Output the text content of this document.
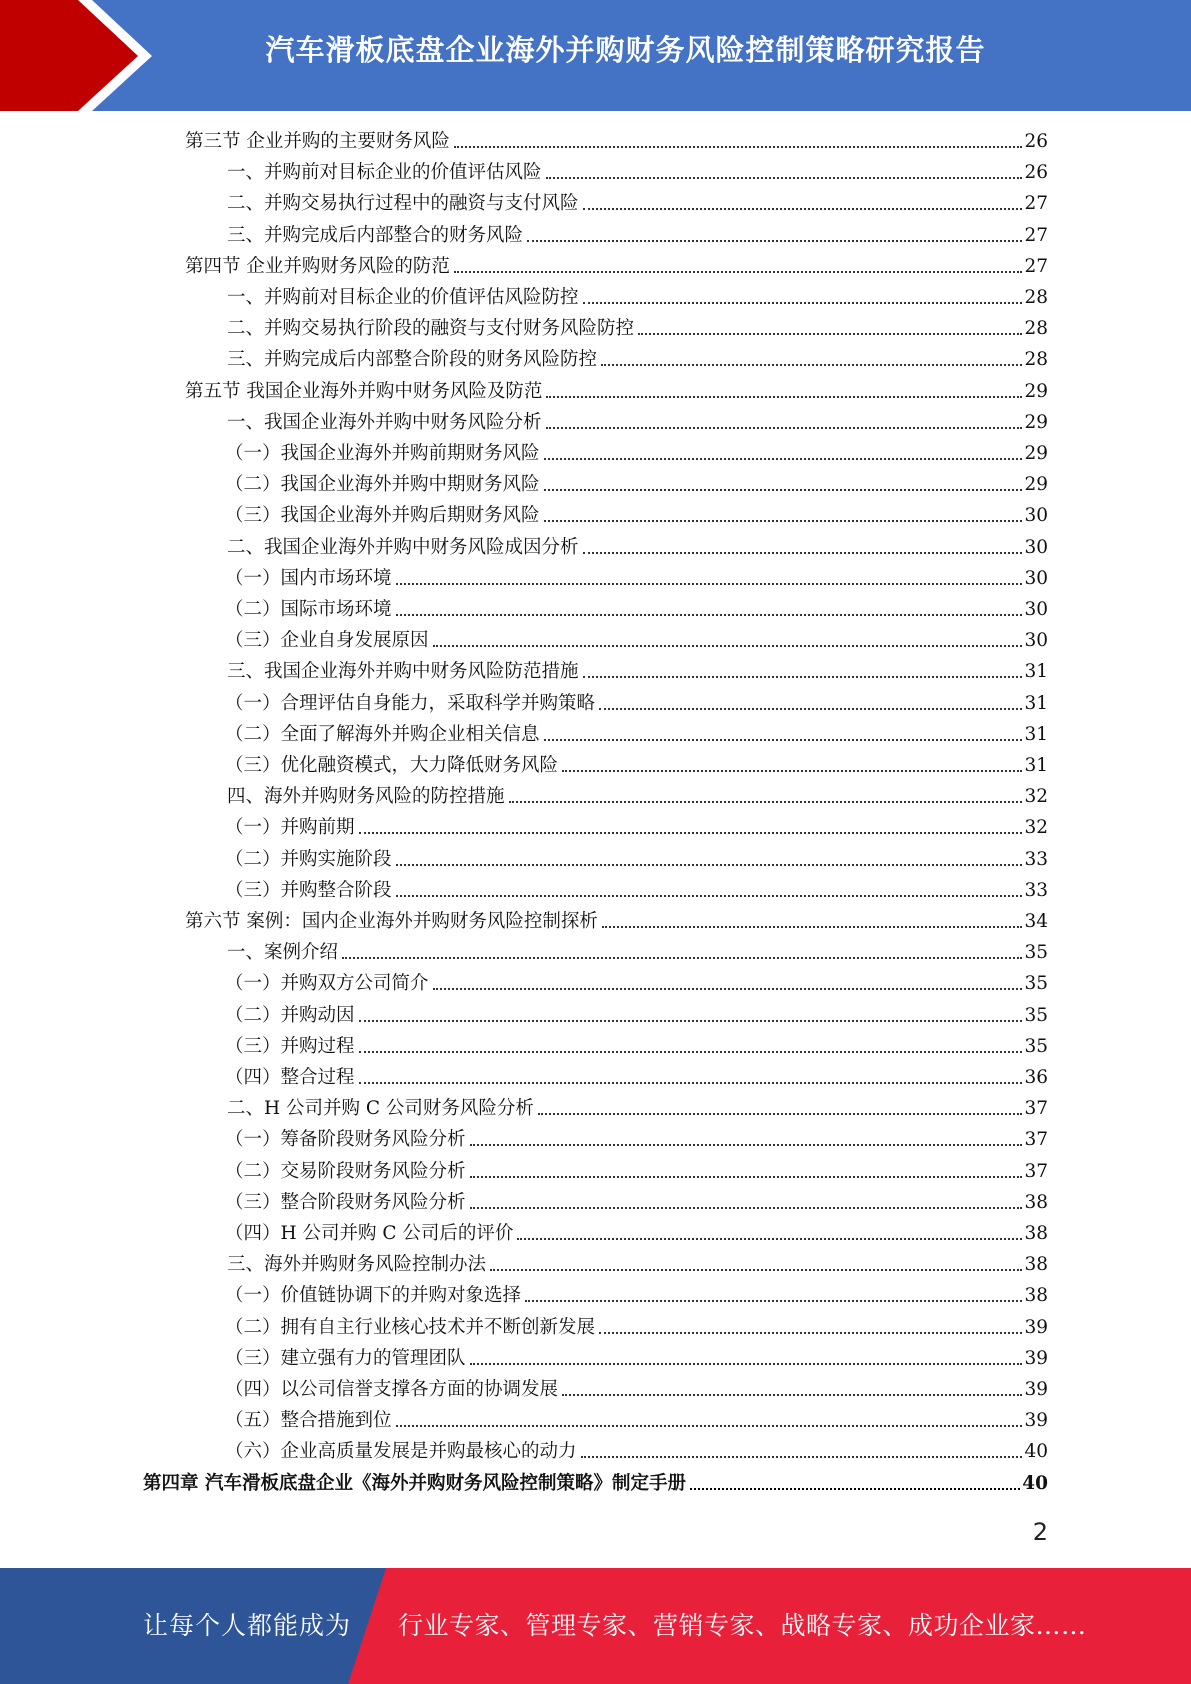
汽车滑板底盘企业海外并购财务风险控制策略研究报告
第三节 企业并购的主要财务风险	26
一、并购前对目标企业的价值评估风险	26
二、并购交易执行过程中的融资与支付风险	27
三、并购完成后内部整合的财务风险	27
第四节 企业并购财务风险的防范	27
一、并购前对目标企业的价值评估风险防控	28
二、并购交易执行阶段的融资与支付财务风险防控	28
三、并购完成后内部整合阶段的财务风险防控	28
第五节 我国企业海外并购中财务风险及防范	29
一、我国企业海外并购中财务风险分析	29
（一）我国企业海外并购前期财务风险	29
（二）我国企业海外并购中期财务风险	29
（三）我国企业海外并购后期财务风险	30
二、我国企业海外并购中财务风险成因分析	30
（一）国内市场环境	30
（二）国际市场环境	30
（三）企业自身发展原因	30
三、我国企业海外并购中财务风险防范措施	31
（一）合理评估自身能力，采取科学并购策略	31
（二）全面了解海外并购企业相关信息	31
（三）优化融资模式，大力降低财务风险	31
四、海外并购财务风险的防控措施	32
（一）并购前期	32
（二）并购实施阶段	33
（三）并购整合阶段	33
第六节 案例：国内企业海外并购财务风险控制探析	34
一、案例介绍	35
（一）并购双方公司简介	35
（二）并购动因	35
（三）并购过程	35
（四）整合过程	36
二、H 公司并购 C 公司财务风险分析	37
（一）筹备阶段财务风险分析	37
（二）交易阶段财务风险分析	37
（三）整合阶段财务风险分析	38
（四）H 公司并购 C 公司后的评价	38
三、海外并购财务风险控制办法	38
（一）价值链协调下的并购对象选择	38
（二）拥有自主行业核心技术并不断创新发展	39
（三）建立强有力的管理团队	39
（四）以公司信誉支撑各方面的协调发展	39
（五）整合措施到位	39
（六）企业高质量发展是并购最核心的动力	40
第四章 汽车滑板底盘企业《海外并购财务风险控制策略》制定手册	40
2
让每个人都能成为 行业专家、管理专家、营销专家、战略专家、成功企业家……
